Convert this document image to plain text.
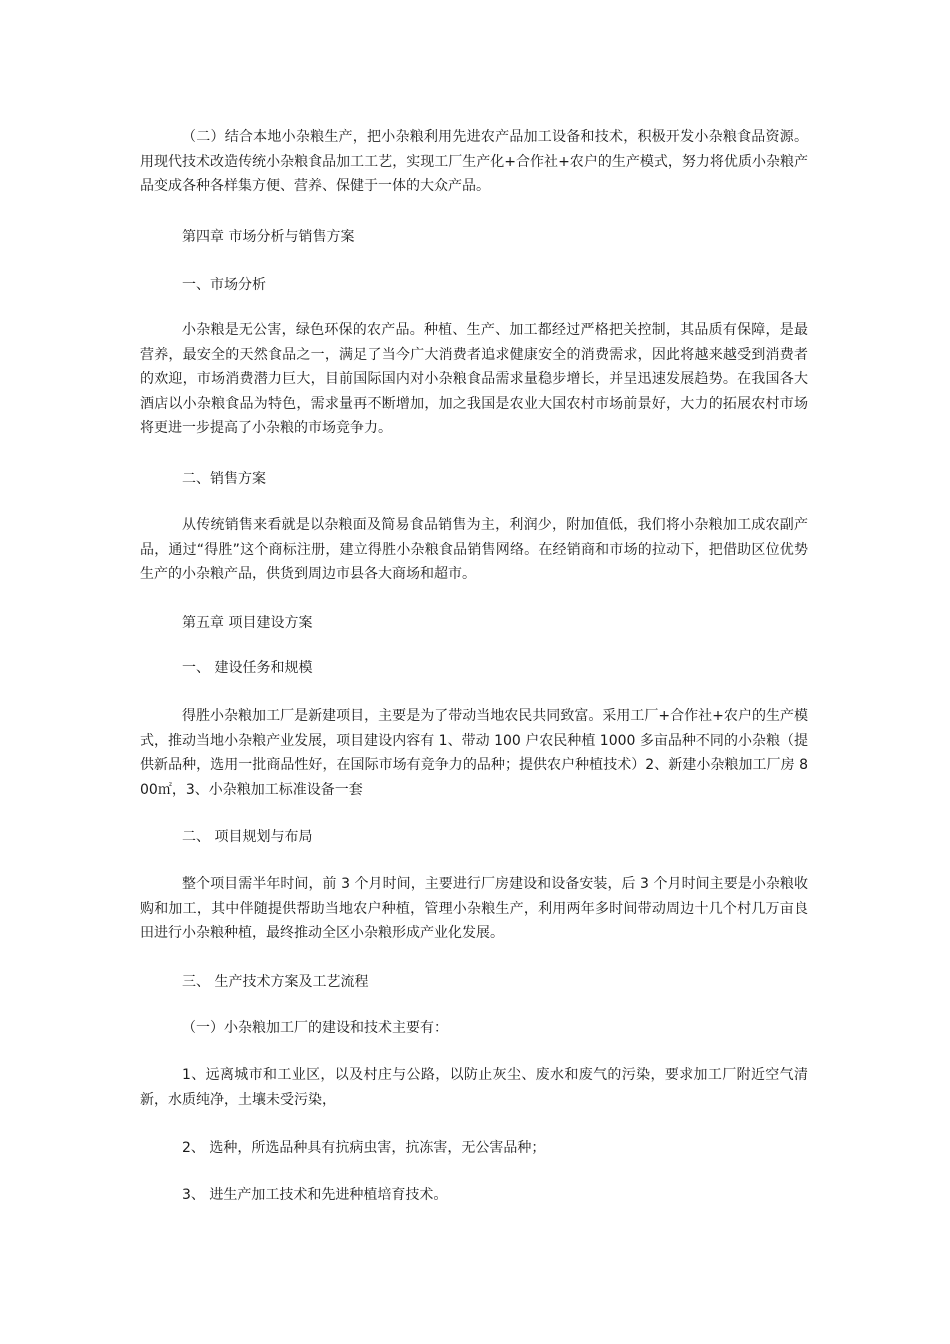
（二）结合本地小杂粮生产，把小杂粮利用先进农产品加工设备和技术，积极开发小杂粮食品资源。用现代技术改造传统小杂粮食品加工工艺，实现工厂生产化+合作社+农户的生产模式，努力将优质小杂粮产品变成各种各样集方便、营养、保健于一体的大众产品。

第四章 市场分析与销售方案

一、市场分析

小杂粮是无公害，绿色环保的农产品。种植、生产、加工都经过严格把关控制，其品质有保障，是最营养，最安全的天然食品之一，满足了当今广大消费者追求健康安全的消费需求，因此将越来越受到消费者的欢迎，市场消费潜力巨大，目前国际国内对小杂粮食品需求量稳步增长，并呈迅速发展趋势。在我国各大酒店以小杂粮食品为特色，需求量再不断增加，加之我国是农业大国农村市场前景好，大力的拓展农村市场将更进一步提高了小杂粮的市场竞争力。

二、销售方案

从传统销售来看就是以杂粮面及简易食品销售为主，利润少，附加值低，我们将小杂粮加工成农副产品，通过“得胜”这个商标注册，建立得胜小杂粮食品销售网络。在经销商和市场的拉动下，把借助区位优势生产的小杂粮产品，供货到周边市县各大商场和超市。

第五章 项目建设方案

一、 建设任务和规模

得胜小杂粮加工厂是新建项目，主要是为了带动当地农民共同致富。采用工厂+合作社+农户的生产模式，推动当地小杂粮产业发展，项目建设内容有 1、带动 100 户农民种植 1000 多亩品种不同的小杂粮（提供新品种，选用一批商品性好，在国际市场有竞争力的品种；提供农户种植技术）2、新建小杂粮加工厂房 800㎡，3、小杂粮加工标准设备一套

二、 项目规划与布局

整个项目需半年时间，前 3 个月时间，主要进行厂房建设和设备安装，后 3 个月时间主要是小杂粮收购和加工，其中伴随提供帮助当地农户种植，管理小杂粮生产，利用两年多时间带动周边十几个村几万亩良田进行小杂粮种植，最终推动全区小杂粮形成产业化发展。

三、 生产技术方案及工艺流程

（一）小杂粮加工厂的建设和技术主要有：

1、远离城市和工业区，以及村庄与公路，以防止灰尘、废水和废气的污染，要求加工厂附近空气清新，水质纯净，土壤未受污染，

2、 选种，所选品种具有抗病虫害，抗冻害，无公害品种；

3、 进生产加工技术和先进种植培育技术。
